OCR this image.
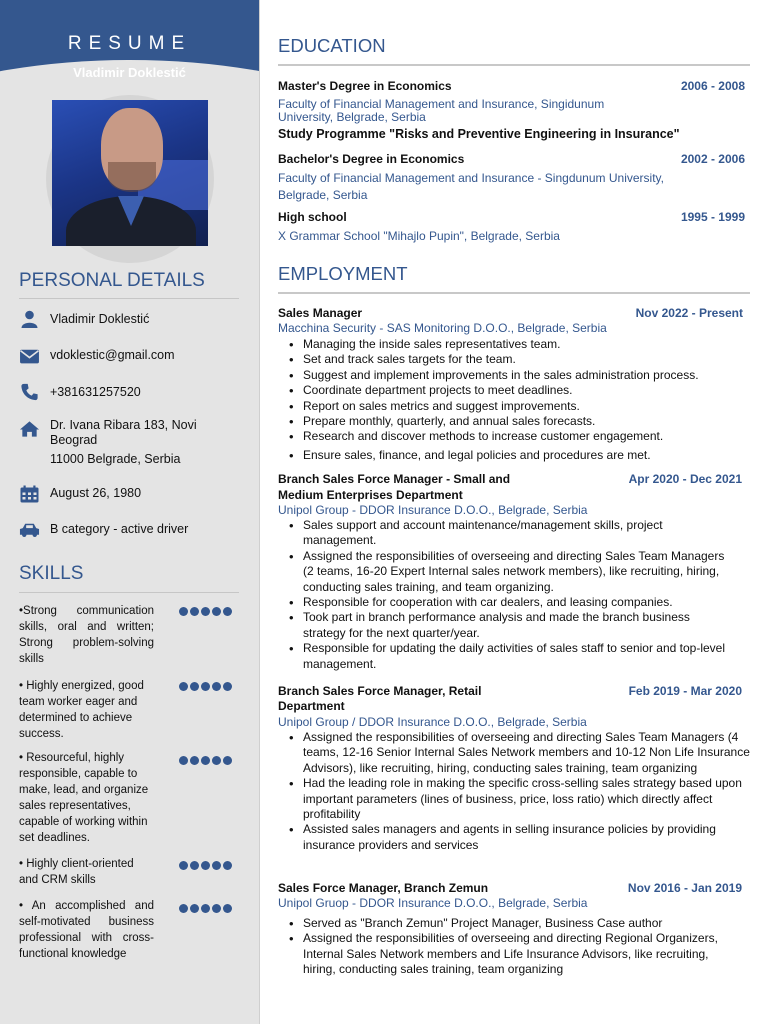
RESUME
Vladimir Doklestić
PERSONAL DETAILS
Vladimir Doklestić
vdoklestic@gmail.com
+381631257520
Dr. Ivana Ribara 183, Novi
Beograd
11000 Belgrade, Serbia
August 26, 1980
B category - active driver
SKILLS
•Strong communication skills, oral and written; Strong problem-solving skills
• Highly energized, good team worker eager and determined to achieve success.
• Resourceful, highly responsible, capable to make, lead, and organize sales representatives, capable of working within set deadlines.
• Highly client-oriented and CRM skills
• An accomplished and self-motivated business professional with cross-functional knowledge
EDUCATION
Master's Degree in Economics	2006 - 2008
Faculty of Financial Management and Insurance, Singidunum
University, Belgrade, Serbia
Study Programme "Risks and Preventive Engineering in Insurance"
Bachelor's Degree in Economics	2002 - 2006
Faculty of Financial Management and Insurance - Singdunum University,
Belgrade, Serbia
High school	1995 - 1999
X Grammar School "Mihajlo Pupin", Belgrade, Serbia
EMPLOYMENT
Sales Manager	Nov 2022 - Present
Macchina Security - SAS Monitoring D.O.O., Belgrade, Serbia
• Managing the inside sales representatives team.
• Set and track sales targets for the team.
• Suggest and implement improvements in the sales administration process.
• Coordinate department projects to meet deadlines.
• Report on sales metrics and suggest improvements.
• Prepare monthly, quarterly, and annual sales forecasts.
• Research and discover methods to increase customer engagement.
• Ensure sales, finance, and legal policies and procedures are met.
Branch Sales Force Manager - Small and
Medium Enterprises Department
Apr 2020 - Dec 2021
Unipol Group - DDOR Insurance D.O.O., Belgrade, Serbia
• Sales support and account maintenance/management skills, project management.
• Assigned the responsibilities of overseeing and directing Sales Team Managers (2 teams, 16-20 Expert Internal sales network members), like recruiting, hiring, conducting sales training, and team organizing.
• Responsible for cooperation with car dealers, and leasing companies.
• Took part in branch performance analysis and made the branch business strategy for the next quarter/year.
• Responsible for updating the daily activities of sales staff to senior and top-level management.
Branch Sales Force Manager, Retail
Department
Feb 2019 - Mar 2020
Unipol Group / DDOR Insurance D.O.O., Belgrade, Serbia
• Assigned the responsibilities of overseeing and directing Sales Team Managers (4 teams, 12-16 Senior Internal Sales Network members and 10-12 Non Life Insurance Advisors), like recruiting, hiring, conducting sales training, team organizing
• Had the leading role in making the specific cross-selling sales strategy based upon important parameters (lines of business, price, loss ratio) which directly affect profitability
• Assisted sales managers and agents in selling insurance policies by providing insurance providers and services
Sales Force Manager, Branch Zemun	Nov 2016 - Jan 2019
Unipol Gruop - DDOR Insurance D.O.O., Belgrade, Serbia
• Served as "Branch Zemun" Project Manager, Business Case author
• Assigned the responsibilities of overseeing and directing Regional Organizers, Internal Sales Network members and Life Insurance Advisors, like recruiting, hiring, conducting sales training, team organizing
